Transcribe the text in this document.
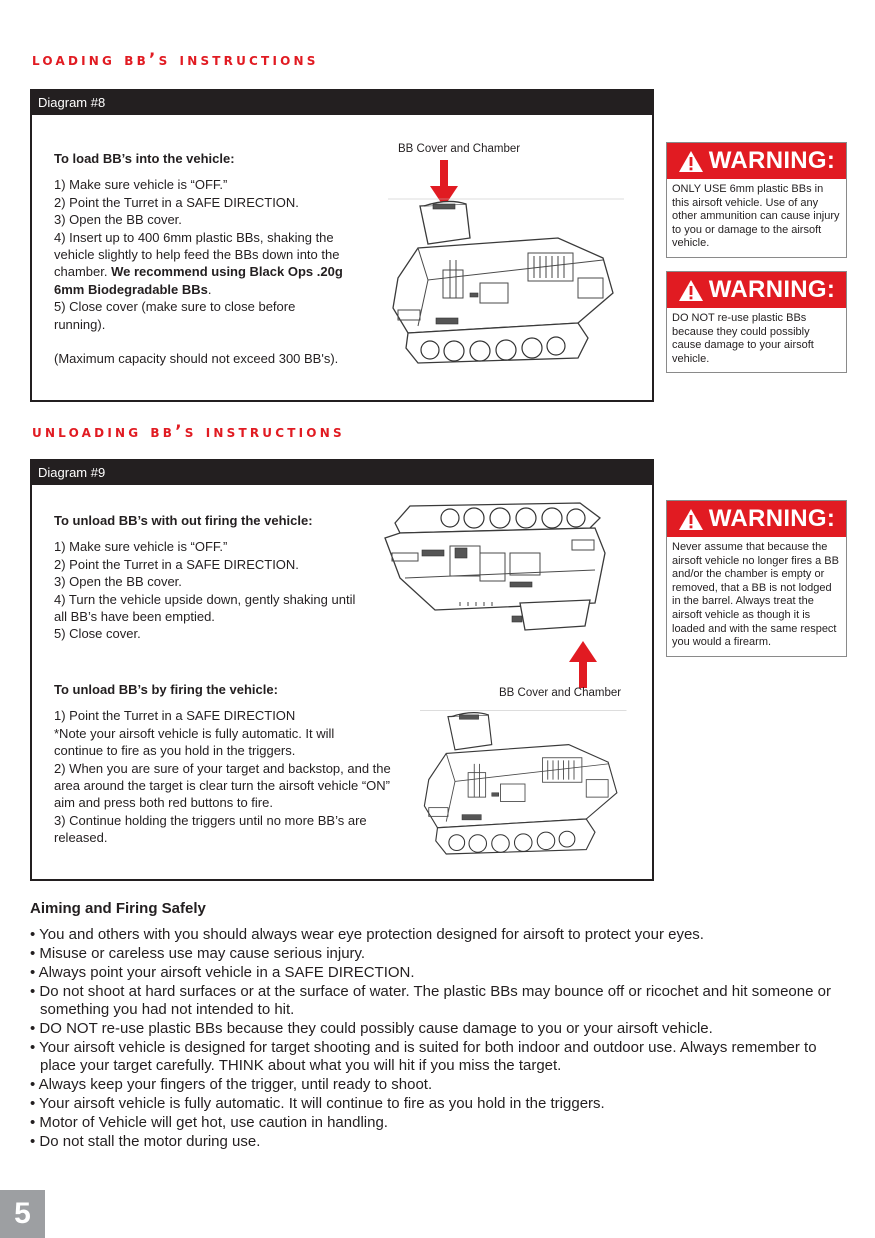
loading bb’s instructions
Diagram #8

To load BB’s into the vehicle:

1) Make sure vehicle is “OFF.”

2) Point the Turret in a SAFE DIRECTION.

3) Open the BB cover.

4) Insert up to 400 6mm plastic BBs, shaking the vehicle slightly to help feed the BBs down into the chamber. We recommend using Black Ops .20g 6mm Biodegradable BBs.

5) Close cover (make sure to close before running).

(Maximum capacity should not exceed 300 BB's).

BB Cover and Chamber	WARNING:
ONLY USE 6mm plastic BBs in this airsoft vehicle. Use of any other ammunition can cause injury to you or damage to the airsoft vehicle.
WARNING:
DO NOT re-use plastic BBs because they could possibly cause damage to your airsoft vehicle.
unloading bb’s instructions
Diagram #9

To unload BB’s with out firing the vehicle:

1) Make sure vehicle is “OFF.”

2) Point the Turret in a SAFE DIRECTION.

3) Open the BB cover.

4) Turn the vehicle upside down, gently shaking until all BB’s have been emptied.

5) Close cover.

To unload BB’s by firing the vehicle:

1) Point the Turret in a SAFE DIRECTION

*Note your airsoft vehicle is fully automatic. It will continue to fire as you hold in the triggers.

2) When you are sure of your target and backstop, and the area around the target is clear turn the airsoft vehicle “ON” aim and press both red buttons to fire.

3) Continue holding the triggers until no more BB’s are released.

BB Cover and Chamber
WARNING:
Never assume that because the airsoft vehicle no longer fires a BB and/or the chamber is empty or removed, that a BB is not lodged in the barrel. Always treat the airsoft vehicle as though it is loaded and with the same respect you would a firearm.
Aiming and Firing Safely
• You and others with you should always wear eye protection designed for airsoft to protect your eyes.
• Misuse or careless use may cause serious injury.
• Always point your airsoft vehicle in a SAFE DIRECTION.
• Do not shoot at hard surfaces or at the surface of water. The plastic BBs may bounce off or ricochet and hit someone or something you had not intended to hit.
• DO NOT re-use plastic BBs because they could possibly cause damage to you or your airsoft vehicle.
• Your airsoft vehicle is designed for target shooting and is suited for both indoor and outdoor use. Always remember to place your target carefully. THINK about what you will hit if you miss the target.
• Always keep your fingers of the trigger, until ready to shoot.
• Your airsoft vehicle is fully automatic. It will continue to fire as you hold in the triggers.
• Motor of Vehicle will get hot, use caution in handling.
• Do not stall the motor during use.
5
